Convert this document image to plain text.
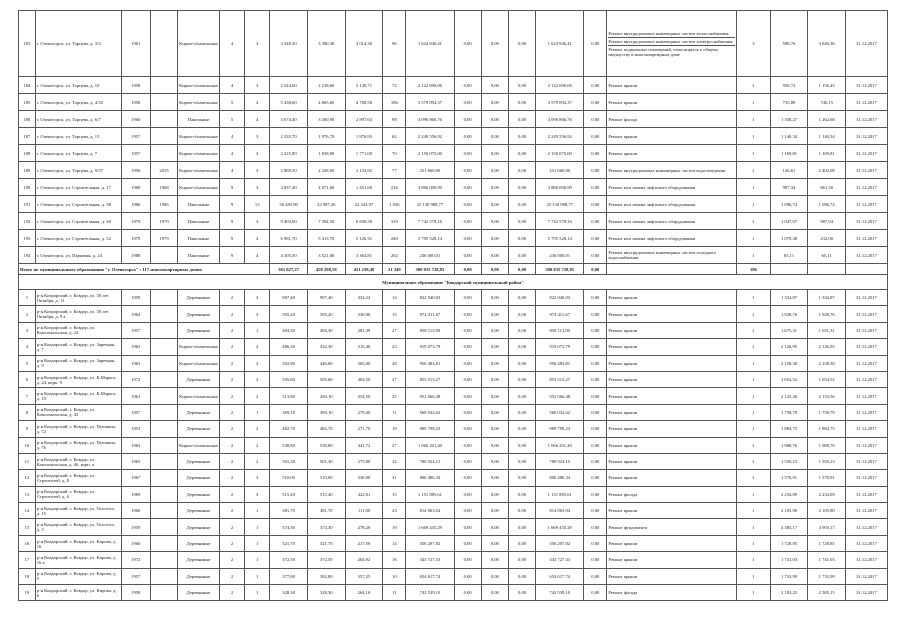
183	г. Оленегорск, ул. Торцева, д. 3/3	1961		Кирпи-ч/панельные	4	4	3 548,30	3 380,30	3 014,30	96	1 624 946,41	0,00	0,00	0,00	1 624 946,41	0,00	Ремонт внутридомовых инженерных систем теплоснабжения
Ремонт внутридомовых инженерных систем электроснабжения
Ремонт подвальных помещений, относящихся к общему имуществу в многоквартирном доме	3	588,76	3 840,36	31.12.2017
184	г. Оленегорск, ул. Торцева, д. 10	1958		Кирпи-ч/панельные	4	3	2 544,60	2 218,60	2 149,71	72	2 122 690,06	0,00	0,00	0,00	2 122 690,06	0,00	Ремонт крыши	1	956,72	1 156,45	31.12.2017
185	г. Оленегорск, ул. Торцева, д. 4/35	1958		Кирпи-ч/панельные	5	4	5 438,60	4 865,60	4 708,50	186	3 579 094,37	0,00	0,00	0,00	3 579 094,37	0,00	Ремонт крыши	1	735,89	740,15	31.12.2017
186	г. Оленегорск, ул. Торцева, д. 6/7	1960		Панельные	5	4	3 674,40	3 360,90	2 897,63	98	4 096 866,76	0,00	0,00	0,00	4 096 866,76	0,00	Ремонт фасада	1	1 358,27	1 262,68	31.12.2017
187	г. Оленегорск, ул. Торцева, д. 13	1957		Кирпи-ч/панельные	4	3	2 235,70	1 976,70	1 876,93	62	2 249 556,92	0,00	0,00	0,00	2 249 556,92	0,00	Ремонт крыши	1	1 140,34	1 140,34	31.12.2017
188	г. Оленегорск, ул. Торцева, д. 7	1957		Кирпи-ч/панельные	4	3	2 225,90	1 838,00	1 771,00	70	2 150 075,00	0,00	0,00	0,00	2 150 075,00	0,00	Ремонт крыши	1	1 169,81	1 169,81	31.12.2017
189	г. Оленегорск, ул. Торцева, д. 9/37	1956	2015	Кирпи-ч/панельные	4	3	2 869,50	2 228,00	2 133,82	77	251 660,00	0,00	0,00	0,00	251 660,00	0,00	Ремонт внутридомовых инженерных систем водоотведения	1	126,61	2 402,08	31.12.2017
190	г. Оленегорск, ул. Строительная, д. 17	1968	1968	Кирпи-ч/панельные	9	3	4 837,40	4 071,60	1 451,60	216	3 866 000,99	0,00	0,00	0,00	3 866 000,99	0,00	Ремонт или замена лифтового оборудования	1	987,34	861,30	31.12.2017
191	г. Оленегорск, ул. Строительная, д. 38	1986	1986	Панельные	9	13	30 483,90	23 987,20	22 343,97	1 036	25 130 988,77	0,00	0,00	0,00	25 130 988,77	0,00	Ремонт или замена лифтового оборудования	1	1 096,74	1 096,74	31.12.2017
192	г. Оленегорск, ул. Строительная, д. 48	1979	1979	Панельные	9	4	9 403,60	7 394,50	6 836,50	310	7 742 578,16	0,00	0,00	0,00	7 742 578,16	0,00	Ремонт или замена лифтового оборудования	1	1 047,07	987,94	31.12.2017
193	г. Оленегорск, ул. Строительная, д. 52	1979	1979	Панельные	9	4	6 961,70	5 413,70	5 126,31	240	5 795 528,14	0,00	0,00	0,00	5 795 528,14	0,00	Ремонт или замена лифтового оборудования	1	1 070,38	232,00	31.12.2017
194	г. Оленегорск, ул. Парковая, д. 24	1988		Панельные	9	4	4 305,50	3 521,80	3 364,81	202	236 000,01	0,00	0,00	0,00	236 000,01	0,00	Ремонт внутридомовых инженерных систем холодного водоснабжения	1	65,11	65,11	31.12.2017
Итого по муниципальному образованию "г. Оленегорск" : 117 многоквартирных домов							561 027,27	458 298,58	421 238,49	21 349	500 035 728,85	0,00	0,00	0,00	500 035 728,85	0,00		186			
Муниципальное образование "Ковдорский муниципальный район"																					
1	р-н Ковдорский, г. Ковдор, ул. 50 лет Октября, д. 11	1959		Деревянные	2	3	907,40	907,40	334,22	14	822 940,03	0,00	0,00	0,00	822 940,03	0,00	Ремонт крыши	1	1 334,87	1 334,87	31.12.2017
2	р-н Ковдорский, г. Ковдор, ул. 50 лет Октября, д. 9 а	1964		Деревянные	2	3	505,20	505,20	336,90	15	974 411,67	0,00	0,00	0,00	974 411,67	0,00	Ремонт крыши	1	1 928,76	1 928,76	31.12.2017
3	р-н Ковдорский, г. Ковдор, ул. Комсомольская, д. 24	1957		Деревянные	2	1	494,30	494,30	281,39	27	858 113,00	0,00	0,00	0,00	858 113,00	0,00	Ремонт крыши	1	1 675,31	1 651,31	31.12.2017
4	р-н Ковдорский, г. Ковдор, ул. Заречная, д. 7	1963		Кирпи-ч/панельные	2	2	486,30	432,30	315,40	23	919 073,79	0,00	0,00	0,00	919 073,79	0,00	Ремонт крыши	1	2 126,95	2 126,95	31.12.2017
5	р-н Ковдорский, г. Ковдор, ул. Заречная, д. 9	1963		Кирпи-ч/панельные	2	2	502,90	446,00	365,00	28	956 483,81	0,00	0,00	0,00	956 483,81	0,00	Ремонт крыши	1	2 158,30	2 158,30	31.12.2017
6	р-н Ковдорский, г. Ковдор, ул. К.Маркса, д. 24, корп. 9	1972		Деревянные	2	2	505,60	505,60	404,50	27	853 513,27	0,00	0,00	0,00	853 513,27	0,00	Ремонт крыши	1	1 654,52	1 654,52	31.12.2017
7	р-н Ковдорский, г. Ковдор, ул. К.Маркса, д. 19	1961		Кирпи-ч/панельные	2	2	513,80	450,10	354,50	25	952 066,48	0,00	0,00	0,00	952 066,48	0,00	Ремонт крыши	1	2 125,26	2 133,56	31.12.2017
8	р-н Ковдорский, г. Ковдор, ул. Комсомольская, д. 43	1957		Деревянные	2	1	369,10	369,10	279,40	11	560 032,62	0,00	0,00	0,00	560 032,62	0,00	Ремонт крыши	1	1 758,79	1 758,79	31.12.2017
9	р-н Ковдорский, г. Ковдор, ул. Пушкина, д. 72	1953		Деревянные	2	2	482,70	482,70	271,70	19	909 798,23	0,00	0,00	0,00	909 798,23	0,00	Ремонт крыши	1	1 884,75	1 884,75	31.12.2017
10	р-н Ковдорский, г. Ковдор, ул. Пушкина, д. 76	1963		Кирпи-ч/панельные	2	2	538,80	538,80	441,72	27	1 066 201,40	0,00	0,00	0,00	1 066 201,40	0,00	Ремонт крыши	1	1 988,76	1 988,76	31.12.2017
11	р-н Ковдорский, г. Ковдор, ул. Комсомольская, д. 46, корп. а	1965		Деревянные	2	2	501,30	501,30	275,80	12	780 924,15	0,00	0,00	0,00	780 924,15	0,00	Ремонт крыши	1	1 550,23	1 550,23	31.12.2017
12	р-н Ковдорский, г. Ковдор, ул. Строителей, д. 8	1967		Деревянные	2	3	510,00	510,00	336,90	31	806 486,34	0,00	0,00	0,00	806 486,34	0,00	Ремонт крыши	1	1 570,91	1 570,91	31.12.2017
13	р-н Ковдорский, г. Ковдор, ул. Строителей, д. 6	1969		Деревянные	2	3	515,40	515,40	422,81	15	1 151 885,61	0,00	0,00	0,00	1 151 885,61	0,00	Ремонт фасада	1	2 234,89	2 234,89	31.12.2017
14	р-н Ковдорский, г. Ковдор, ул. Толстого, д. 15	1960		Деревянные	2	1	381,70	381,70	111,00	23	814 063,04	0,00	0,00	0,00	814 063,04	0,00	Ремонт крыши	1	2 105,80	2 105,80	31.12.2017
15	р-н Ковдорский, г. Ковдор, ул. Толстого, д. 3	1959		Деревянные	2	1	374,30	374,30	278,20	19	1 669 435,29	0,00	0,00	0,00	1 669 435,29	0,00	Ремонт фундамента	1	4 385,17	4 903,17	31.12.2017
16	р-н Ковдорский, г. Ковдор, ул. Кирова, д. 16	1960		Деревянные	2	1	321,70	321,70	217,50	14	356 207,82	0,00	0,00	0,00	356 207,82	0,00	Ремонт крыши	1	1 728,85	1 728,85	31.12.2017
17	р-н Ковдорский, г. Ковдор, ул. Кирова, д. 16 а	1972		Деревянные	2	1	372,50	372,50	264,92	16	343 727,33	0,00	0,00	0,00	343 727,33	0,00	Ремонт крыши	1	1 741,03	1 741,03	31.12.2017
18	р-н Ковдорский, г. Ковдор, ул. Кирова, д. 5	1957		Деревянные	2	1	377,80	382,80	357,25	10	654 617,74	0,00	0,00	0,00	654 617,74	0,00	Ремонт крыши	1	1 733,99	1 733,99	31.12.2017
19	р-н Ковдорский, г. Ковдор, ул. Кирова, д. 6	1958		Деревянные	2	1	328,30	328,30	264,10	11	742 539,10	0,00	0,00	0,00	742 539,10	0,00	Ремонт фасада	1	2 183,25	2 585,15	31.12.2017
